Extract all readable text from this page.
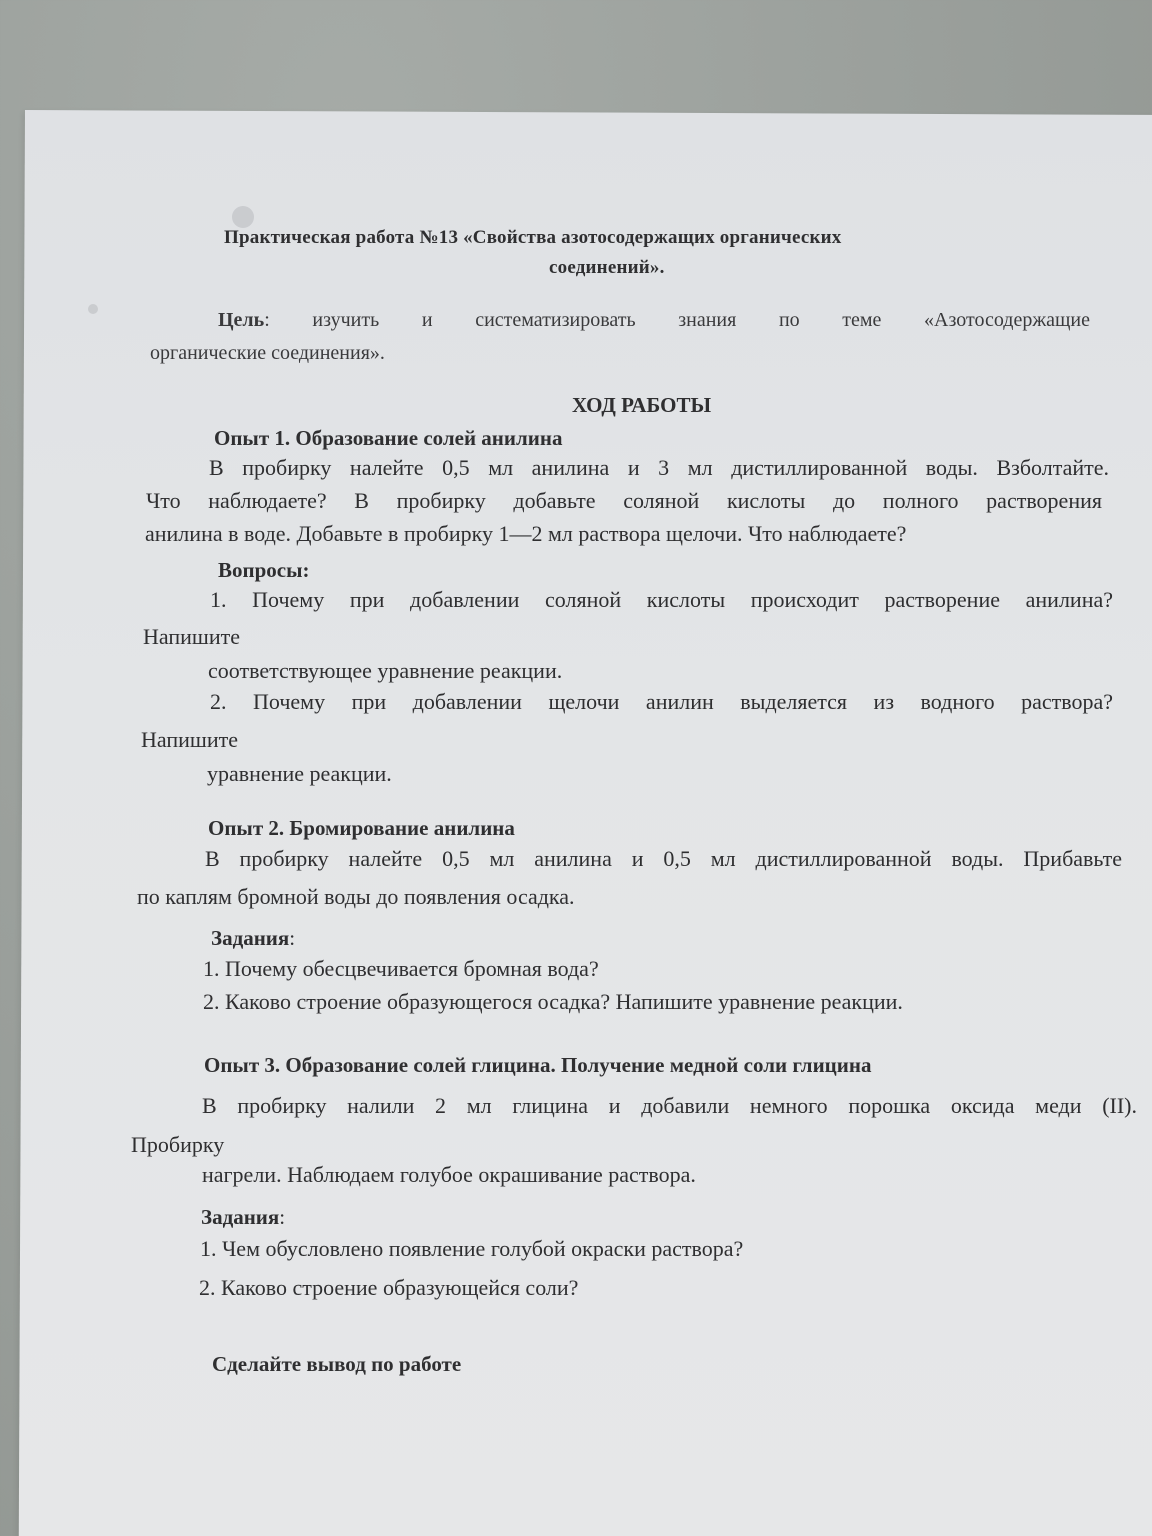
Практическая работа №13 «Свойства азотосодержащих органических
соединений».
Цель: изучить и систематизировать знания по теме «Азотосодержащие
органические соединения».
ХОД РАБОТЫ
Опыт 1. Образование солей анилина
В пробирку налейте 0,5 мл анилина и 3 мл дистиллированной воды. Взболтайте.
Что наблюдаете? В пробирку добавьте соляной кислоты до полного растворения
анилина в воде. Добавьте в пробирку 1—2 мл раствора щелочи. Что наблюдаете?
Вопросы:
1. Почему при добавлении соляной кислоты происходит растворение анилина?
Напишите
соответствующее уравнение реакции.
2. Почему при добавлении щелочи анилин выделяется из водного раствора?
Напишите
уравнение реакции.
Опыт 2. Бромирование анилина
В пробирку налейте 0,5 мл анилина и 0,5 мл дистиллированной воды. Прибавьте
по каплям бромной воды до появления осадка.
Задания:
1. Почему обесцвечивается бромная вода?
2. Каково строение образующегося осадка? Напишите уравнение реакции.
Опыт 3. Образование солей глицина. Получение медной соли глицина
В пробирку налили 2 мл глицина и добавили немного порошка оксида меди (II).
Пробирку
нагрели. Наблюдаем голубое окрашивание раствора.
Задания:
1. Чем обусловлено появление голубой окраски раствора?
2. Каково строение образующейся соли?
Сделайте вывод по работе
